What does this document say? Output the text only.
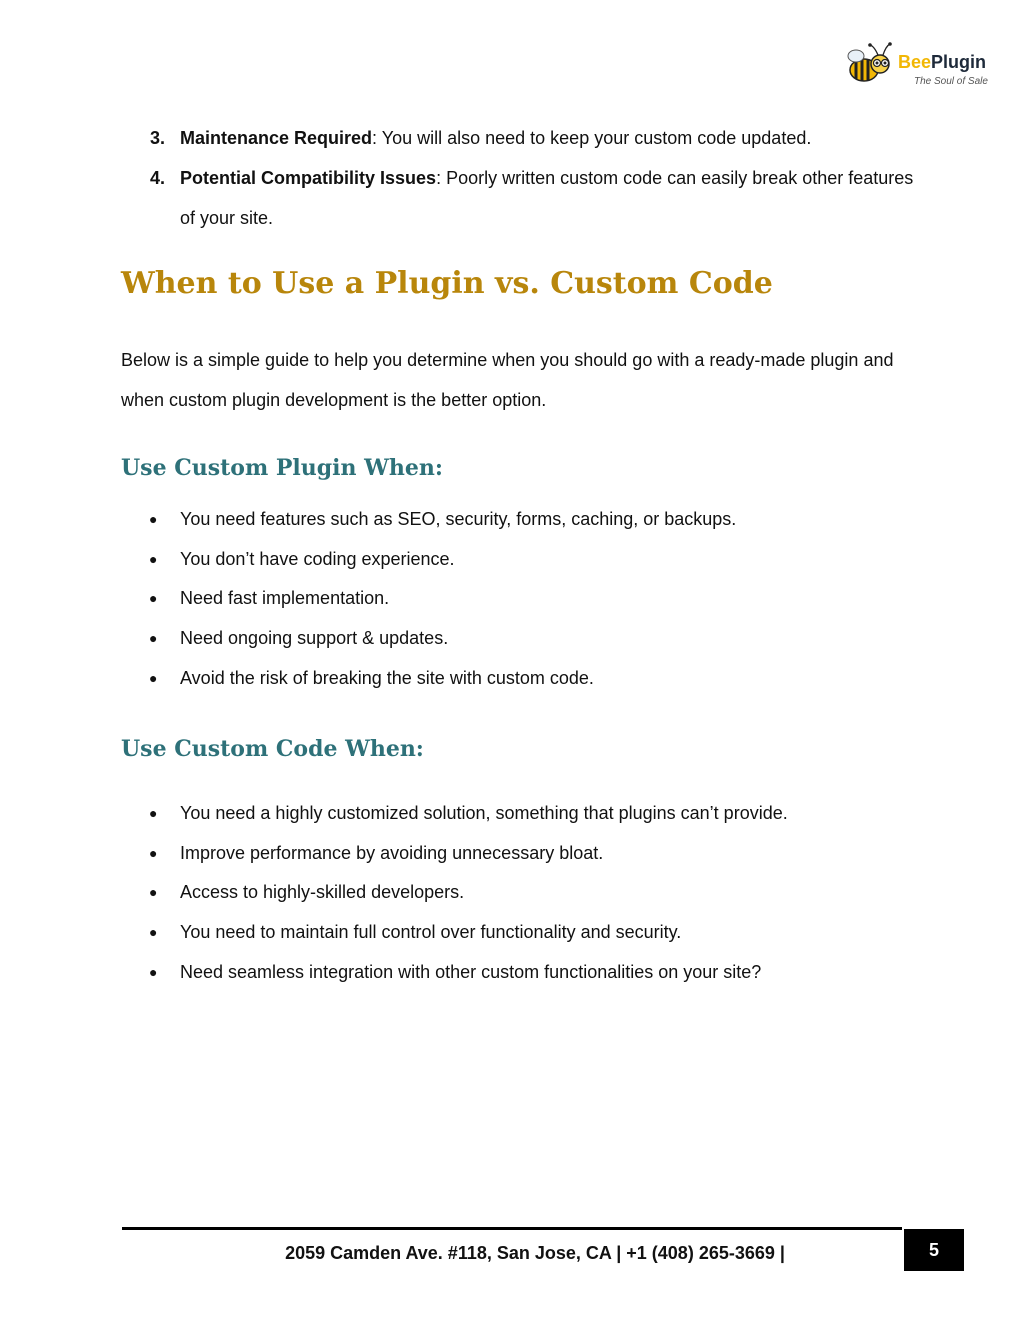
BeePlugin
The Soul of Sale
3. Maintenance Required: You will also need to keep your custom code updated.
4. Potential Compatibility Issues: Poorly written custom code can easily break other features of your site.
When to Use a Plugin vs. Custom Code

Below is a simple guide to help you determine when you should go with a ready-made plugin and when custom plugin development is the better option.

Use Custom Plugin When:
● You need features such as SEO, security, forms, caching, or backups.
● You don’t have coding experience.
● Need fast implementation.
● Need ongoing support & updates.
● Avoid the risk of breaking the site with custom code.
Use Custom Code When:
● You need a highly customized solution, something that plugins can’t provide.
● Improve performance by avoiding unnecessary bloat.
● Access to highly-skilled developers.
● You need to maintain full control over functionality and security.
● Need seamless integration with other custom functionalities on your site?
2059 Camden Ave. #118, San Jose, CA | +1 (408) 265-3669 |	5
